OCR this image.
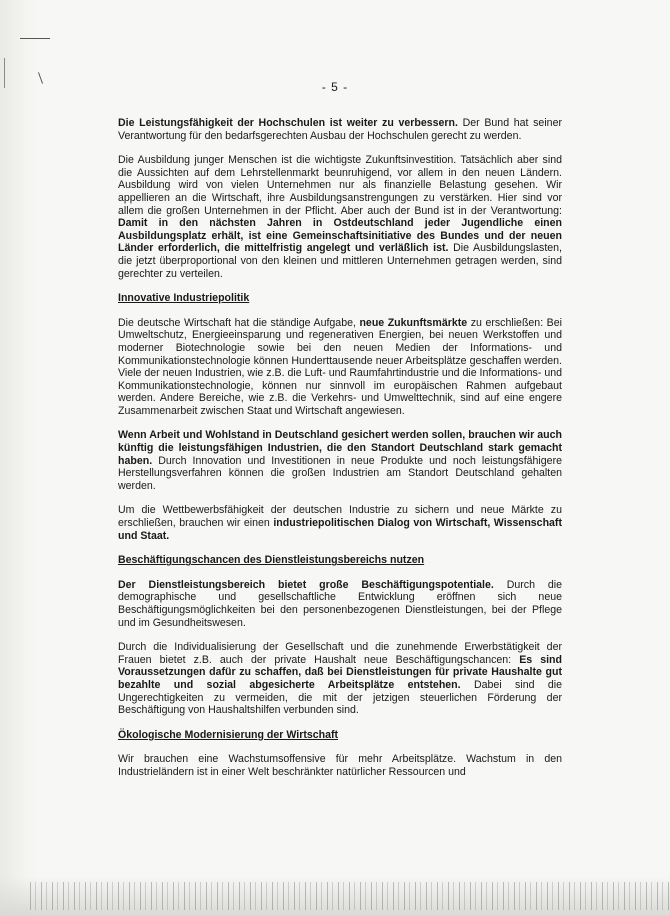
- 5 -

Die Leistungsfähigkeit der Hochschulen ist weiter zu verbessern. Der Bund hat seiner Verantwortung für den bedarfsgerechten Ausbau der Hochschulen gerecht zu werden.

Die Ausbildung junger Menschen ist die wichtigste Zukunftsinvestition. Tatsächlich aber sind die Aussichten auf dem Lehrstellenmarkt beunruhigend, vor allem in den neuen Ländern. Ausbildung wird von vielen Unternehmen nur als finanzielle Belastung gesehen. Wir appellieren an die Wirtschaft, ihre Ausbildungsanstrengungen zu verstärken. Hier sind vor allem die großen Unternehmen in der Pflicht. Aber auch der Bund ist in der Verantwortung: Damit in den nächsten Jahren in Ostdeutschland jeder Jugendliche einen Ausbildungsplatz erhält, ist eine Gemeinschaftsinitiative des Bundes und der neuen Länder erforderlich, die mittelfristig angelegt und verläßlich ist. Die Ausbildungslasten, die jetzt überproportional von den kleinen und mittleren Unternehmen getragen werden, sind gerechter zu verteilen.

Innovative Industriepolitik

Die deutsche Wirtschaft hat die ständige Aufgabe, neue Zukunftsmärkte zu erschließen: Bei Umweltschutz, Energieeinsparung und regenerativen Energien, bei neuen Werkstoffen und moderner Biotechnologie sowie bei den neuen Medien der Informations- und Kommunikationstechnologie können Hunderttausende neuer Arbeitsplätze geschaffen werden. Viele der neuen Industrien, wie z.B. die Luft- und Raumfahrtindustrie und die Informations- und Kommunikationstechnologie, können nur sinnvoll im europäischen Rahmen aufgebaut werden. Andere Bereiche, wie z.B. die Verkehrs- und Umwelttechnik, sind auf eine engere Zusammenarbeit zwischen Staat und Wirtschaft angewiesen.

Wenn Arbeit und Wohlstand in Deutschland gesichert werden sollen, brauchen wir auch künftig die leistungsfähigen Industrien, die den Standort Deutschland stark gemacht haben. Durch Innovation und Investitionen in neue Produkte und noch leistungsfähigere Herstellungsverfahren können die großen Industrien am Standort Deutschland gehalten werden.

Um die Wettbewerbsfähigkeit der deutschen Industrie zu sichern und neue Märkte zu erschließen, brauchen wir einen industriepolitischen Dialog von Wirtschaft, Wissenschaft und Staat.

Beschäftigungschancen des Dienstleistungsbereichs nutzen

Der Dienstleistungsbereich bietet große Beschäftigungspotentiale. Durch die demographische und gesellschaftliche Entwicklung eröffnen sich neue Beschäftigungsmöglichkeiten bei den personenbezogenen Dienstleistungen, bei der Pflege und im Gesundheitswesen.

Durch die Individualisierung der Gesellschaft und die zunehmende Erwerbstätigkeit der Frauen bietet z.B. auch der private Haushalt neue Beschäftigungschancen: Es sind Voraussetzungen dafür zu schaffen, daß bei Dienstleistungen für private Haushalte gut bezahlte und sozial abgesicherte Arbeitsplätze entstehen. Dabei sind die Ungerechtigkeiten zu vermeiden, die mit der jetzigen steuerlichen Förderung der Beschäftigung von Haushaltshilfen verbunden sind.

Ökologische Modernisierung der Wirtschaft

Wir brauchen eine Wachstumsoffensive für mehr Arbeitsplätze. Wachstum in den Industrieländern ist in einer Welt beschränkter natürlicher Ressourcen und
